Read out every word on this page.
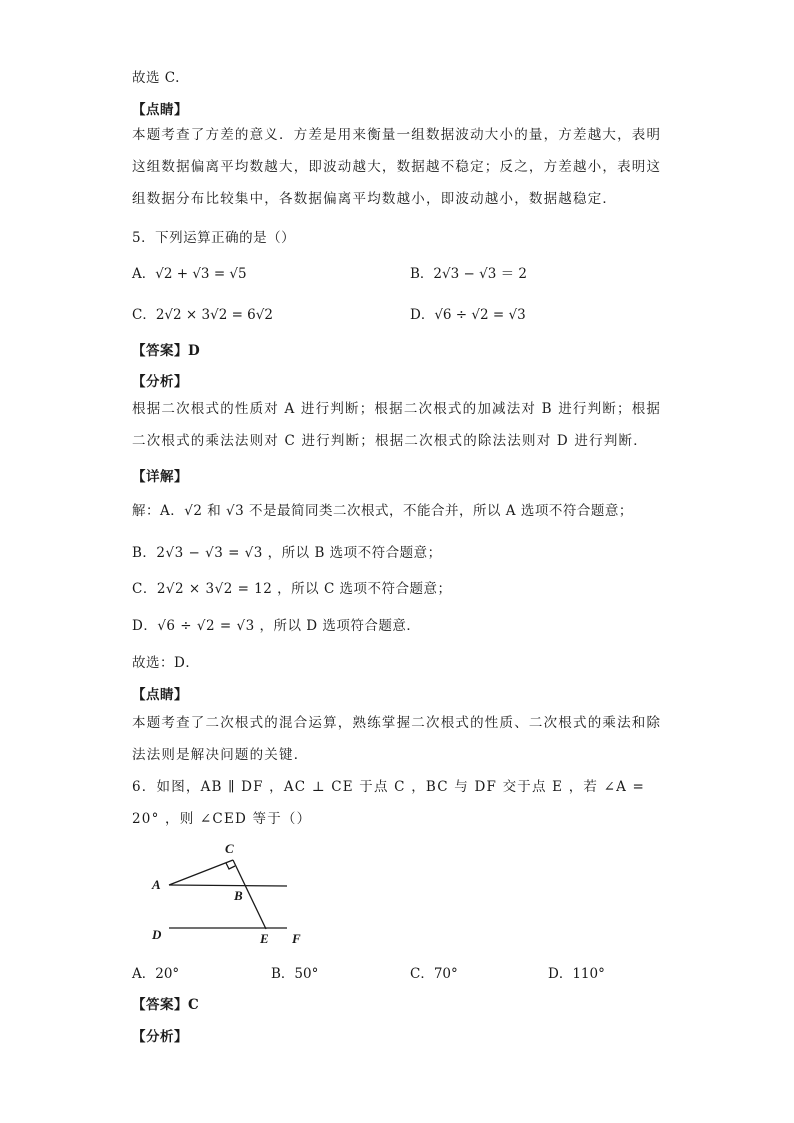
故选 C.
【点睛】
本题考查了方差的意义．方差是用来衡量一组数据波动大小的量，方差越大，表明这组数据偏离平均数越大，即波动越大，数据越不稳定；反之，方差越小，表明这组数据分布比较集中，各数据偏离平均数越小，即波动越小，数据越稳定．
5．下列运算正确的是（）
A．√2 + √3 = √5	B．2√3 − √3 ＝ 2
C．2√2 × 3√2 = 6√2	D．√6 ÷ √2 = √3
【答案】D
【分析】
根据二次根式的性质对 A 进行判断；根据二次根式的加减法对 B 进行判断；根据二次根式的乘法法则对 C 进行判断；根据二次根式的除法法则对 D 进行判断．
【详解】
解：A．√2 和 √3 不是最简同类二次根式，不能合并，所以 A 选项不符合题意；
B．2√3 − √3 = √3 ，所以 B 选项不符合题意；
C．2√2 × 3√2 = 12 ，所以 C 选项不符合题意；
D．√6 ÷ √2 = √3 ，所以 D 选项符合题意．
故选：D．
【点睛】
本题考查了二次根式的混合运算，熟练掌握二次根式的性质、二次根式的乘法和除法法则是解决问题的关键．
6．如图，AB ∥ DF ，AC ⊥ CE 于点 C ，BC 与 DF 交于点 E ，若 ∠A = 20° ，则 ∠CED 等于（）
C
A
B
D	E F
A．20°	B．50°	C．70°	D．110°
【答案】C
【分析】
